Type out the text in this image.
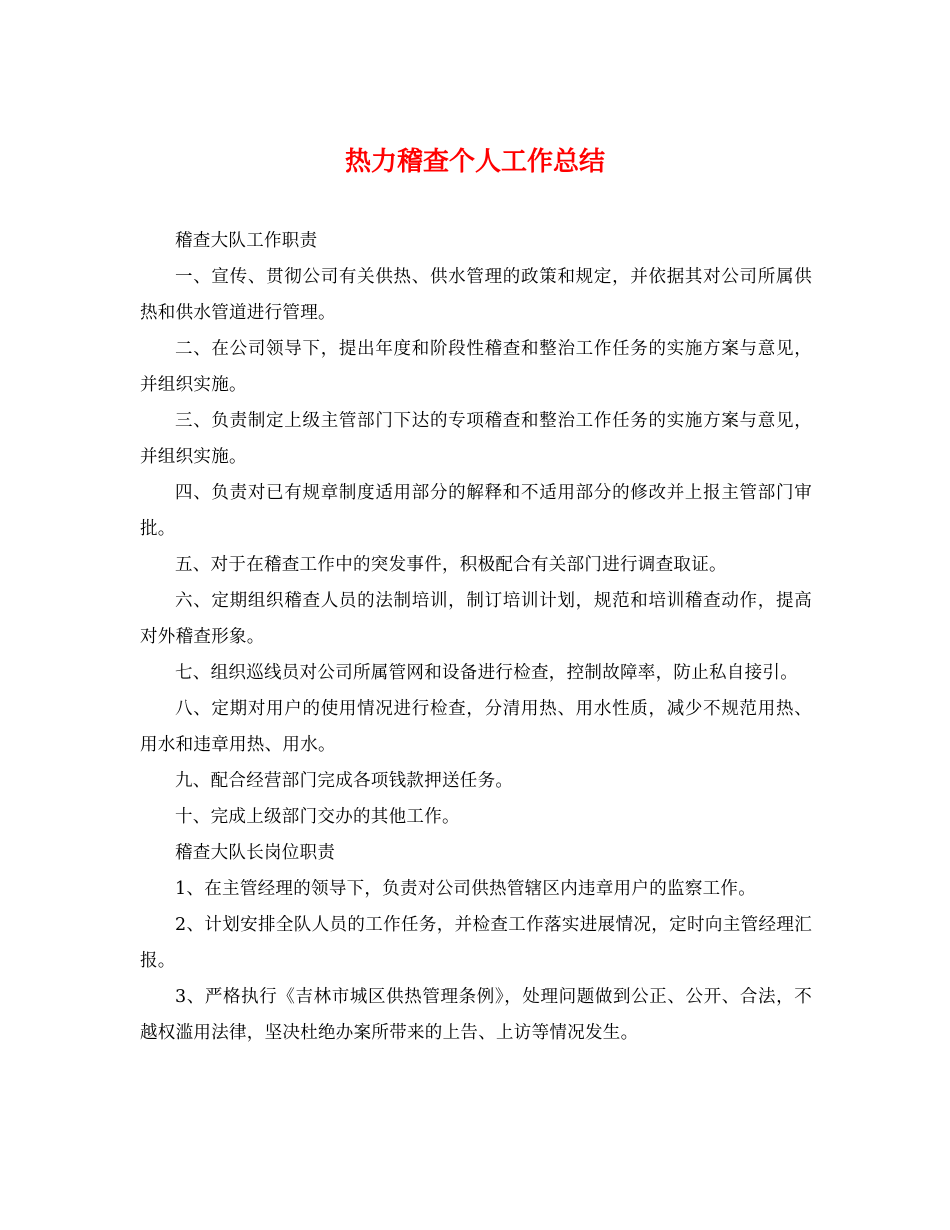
热力稽查个人工作总结

稽查大队工作职责

一、宣传、贯彻公司有关供热、供水管理的政策和规定，并依据其对公司所属供热和供水管道进行管理。

二、在公司领导下，提出年度和阶段性稽查和整治工作任务的实施方案与意见，并组织实施。

三、负责制定上级主管部门下达的专项稽查和整治工作任务的实施方案与意见，并组织实施。

四、负责对已有规章制度适用部分的解释和不适用部分的修改并上报主管部门审批。

五、对于在稽查工作中的突发事件，积极配合有关部门进行调查取证。

六、定期组织稽查人员的法制培训，制订培训计划，规范和培训稽查动作，提高对外稽查形象。

七、组织巡线员对公司所属管网和设备进行检查，控制故障率，防止私自接引。

八、定期对用户的使用情况进行检查，分清用热、用水性质，减少不规范用热、用水和违章用热、用水。

九、配合经营部门完成各项钱款押送任务。

十、完成上级部门交办的其他工作。

稽查大队长岗位职责

1、在主管经理的领导下，负责对公司供热管辖区内违章用户的监察工作。

2、计划安排全队人员的工作任务，并检查工作落实进展情况，定时向主管经理汇报。

3、严格执行《吉林市城区供热管理条例》，处理问题做到公正、公开、合法，不越权滥用法律，坚决杜绝办案所带来的上告、上访等情况发生。
